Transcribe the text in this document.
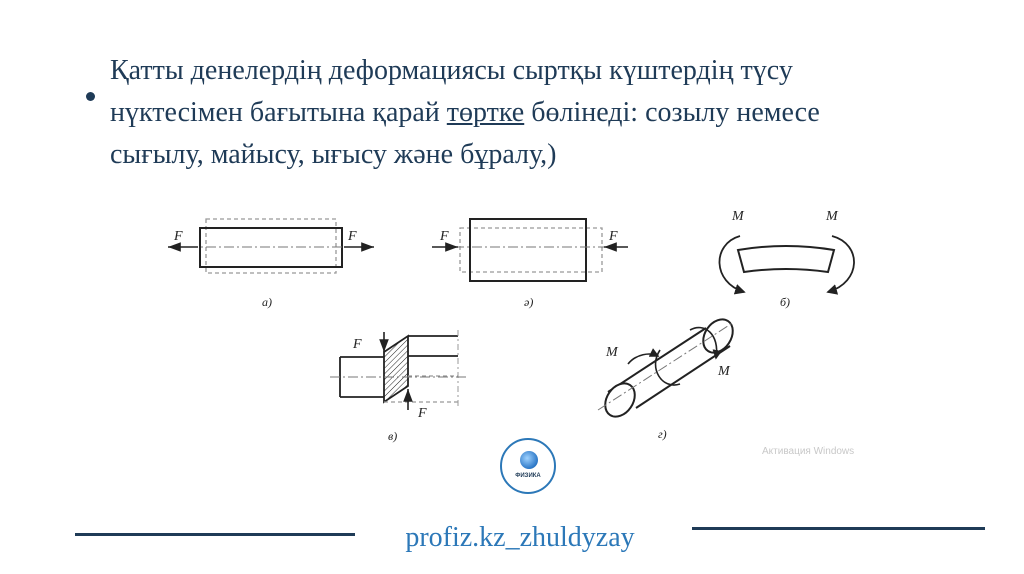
Қатты денелердің деформациясы сыртқы күштердің түсу нүктесімен бағытына қарай төртке бөлінеді: созылу немесе сығылу, майысу, ығысу және бұралу,)
F	F
а)
F	F
ә)
M	M
б)
F
F
в)
M
M
г)
Активация Windows
ФИЗИКА
profiz.kz_zhuldyzay
